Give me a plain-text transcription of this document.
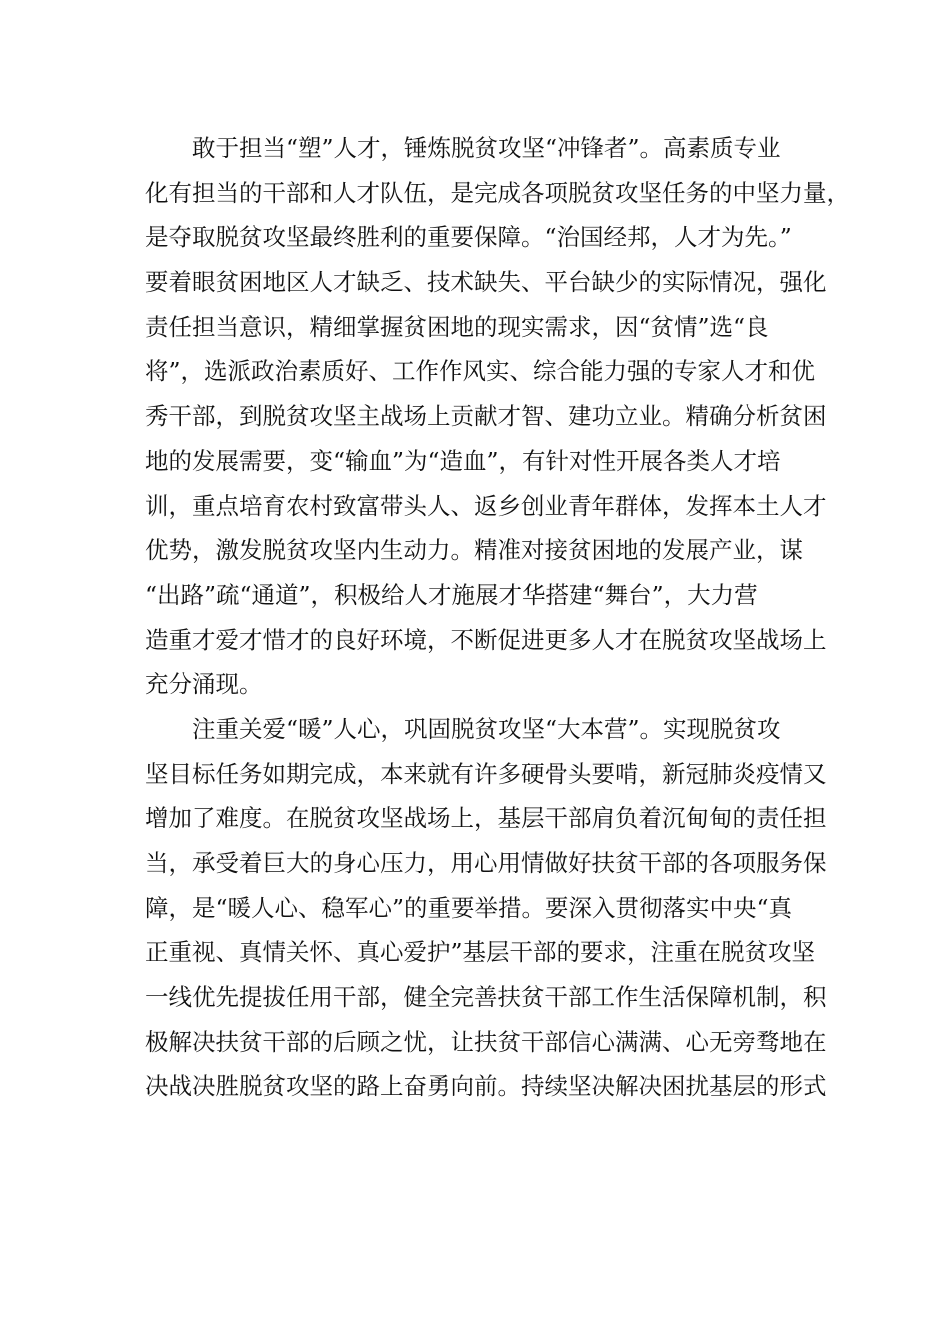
敢于担当“塑”人才，锤炼脱贫攻坚“冲锋者”。高素质专业
化有担当的干部和人才队伍，是完成各项脱贫攻坚任务的中坚力量，
是夺取脱贫攻坚最终胜利的重要保障。“治国经邦，人才为先。”
要着眼贫困地区人才缺乏、技术缺失、平台缺少的实际情况，强化
责任担当意识，精细掌握贫困地的现实需求，因“贫情”选“良
将”，选派政治素质好、工作作风实、综合能力强的专家人才和优
秀干部，到脱贫攻坚主战场上贡献才智、建功立业。精确分析贫困
地的发展需要，变“输血”为“造血”，有针对性开展各类人才培
训，重点培育农村致富带头人、返乡创业青年群体，发挥本土人才
优势，激发脱贫攻坚内生动力。精准对接贫困地的发展产业，谋
“出路”疏“通道”，积极给人才施展才华搭建“舞台”，大力营
造重才爱才惜才的良好环境，不断促进更多人才在脱贫攻坚战场上
充分涌现。
注重关爱“暖”人心，巩固脱贫攻坚“大本营”。实现脱贫攻
坚目标任务如期完成，本来就有许多硬骨头要啃，新冠肺炎疫情又
增加了难度。在脱贫攻坚战场上，基层干部肩负着沉甸甸的责任担
当，承受着巨大的身心压力，用心用情做好扶贫干部的各项服务保
障，是“暖人心、稳军心”的重要举措。要深入贯彻落实中央“真
正重视、真情关怀、真心爱护”基层干部的要求，注重在脱贫攻坚
一线优先提拔任用干部，健全完善扶贫干部工作生活保障机制，积
极解决扶贫干部的后顾之忧，让扶贫干部信心满满、心无旁骛地在
决战决胜脱贫攻坚的路上奋勇向前。持续坚决解决困扰基层的形式
